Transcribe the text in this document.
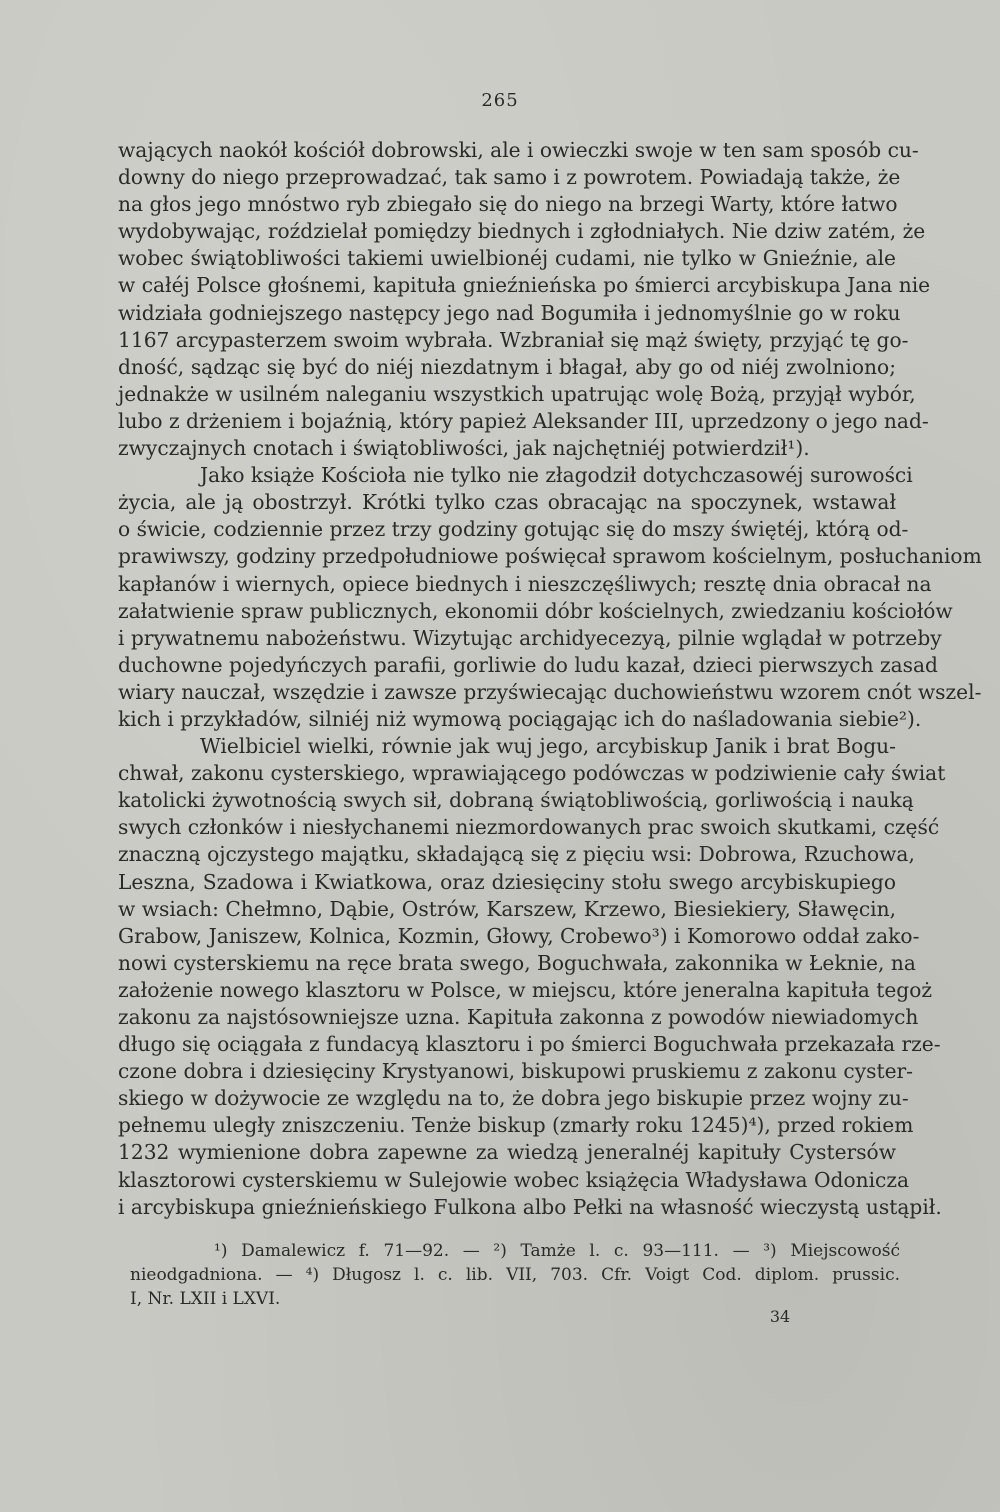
265
wających naokół kościół dobrowski, ale i owieczki swoje w ten sam sposób cu-
downy do niego przeprowadzać, tak samo i z powrotem. Powiadają także, że
na głos jego mnóstwo ryb zbiegało się do niego na brzegi Warty, które łatwo
wydobywając, roździelał pomiędzy biednych i zgłodniałych. Nie dziw zatém, że
wobec świątobliwości takiemi uwielbionéj cudami, nie tylko w Gnieźnie, ale
w całéj Polsce głośnemi, kapituła gnieźnieńska po śmierci arcybiskupa Jana nie
widziała godniejszego następcy jego nad Bogumiła i jednomyślnie go w roku
1167 arcypasterzem swoim wybrała. Wzbraniał się mąż święty, przyjąć tę go-
dność, sądząc się być do niéj niezdatnym i błagał, aby go od niéj zwolniono;
jednakże w usilném naleganiu wszystkich upatrując wolę Bożą, przyjął wybór,
lubo z drżeniem i bojaźnią, który papież Aleksander III, uprzedzony o jego nad-
zwyczajnych cnotach i świątobliwości, jak najchętniéj potwierdził¹).
Jako książe Kościoła nie tylko nie złagodził dotychczasowéj surowości
życia, ale ją obostrzył. Krótki tylko czas obracając na spoczynek, wstawał
o świcie, codziennie przez trzy godziny gotując się do mszy świętéj, którą od-
prawiwszy, godziny przedpołudniowe poświęcał sprawom kościelnym, posłuchaniom
kapłanów i wiernych, opiece biednych i nieszczęśliwych; resztę dnia obracał na
załatwienie spraw publicznych, ekonomii dóbr kościelnych, zwiedzaniu kościołów
i prywatnemu nabożeństwu. Wizytując archidyecezyą, pilnie wglądał w potrzeby
duchowne pojedyńczych parafii, gorliwie do ludu kazał, dzieci pierwszych zasad
wiary nauczał, wszędzie i zawsze przyświecając duchowieństwu wzorem cnót wszel-
kich i przykładów, silniéj niż wymową pociągając ich do naśladowania siebie²).
Wielbiciel wielki, równie jak wuj jego, arcybiskup Janik i brat Bogu-
chwał, zakonu cysterskiego, wprawiającego podówczas w podziwienie cały świat
katolicki żywotnością swych sił, dobraną świątobliwością, gorliwością i nauką
swych członków i niesłychanemi niezmordowanych prac swoich skutkami, część
znaczną ojczystego majątku, składającą się z pięciu wsi: Dobrowa, Rzuchowa,
Leszna, Szadowa i Kwiatkowa, oraz dziesięciny stołu swego arcybiskupiego
w wsiach: Chełmno, Dąbie, Ostrów, Karszew, Krzewo, Biesiekiery, Sławęcin,
Grabow, Janiszew, Kolnica, Kozmin, Głowy, Crobewo³) i Komorowo oddał zako-
nowi cysterskiemu na ręce brata swego, Boguchwała, zakonnika w Łeknie, na
założenie nowego klasztoru w Polsce, w miejscu, które jeneralna kapituła tegoż
zakonu za najstósowniejsze uzna. Kapituła zakonna z powodów niewiadomych
długo się ociągała z fundacyą klasztoru i po śmierci Boguchwała przekazała rze-
czone dobra i dziesięciny Krystyanowi, biskupowi pruskiemu z zakonu cyster-
skiego w dożywocie ze względu na to, że dobra jego biskupie przez wojny zu-
pełnemu uległy zniszczeniu. Tenże biskup (zmarły roku 1245)⁴), przed rokiem
1232 wymienione dobra zapewne za wiedzą jeneralnéj kapituły Cystersów
klasztorowi cysterskiemu w Sulejowie wobec książęcia Władysława Odonicza
i arcybiskupa gnieźnieńskiego Fulkona albo Pełki na własność wieczystą ustąpił.
¹) Damalewicz f. 71—92. — ²) Tamże l. c. 93—111. — ³) Miejscowość
nieodgadniona. — ⁴) Długosz l. c. lib. VII, 703. Cfr. Voigt Cod. diplom. prussic.
I, Nr. LXII i LXVI.
34
